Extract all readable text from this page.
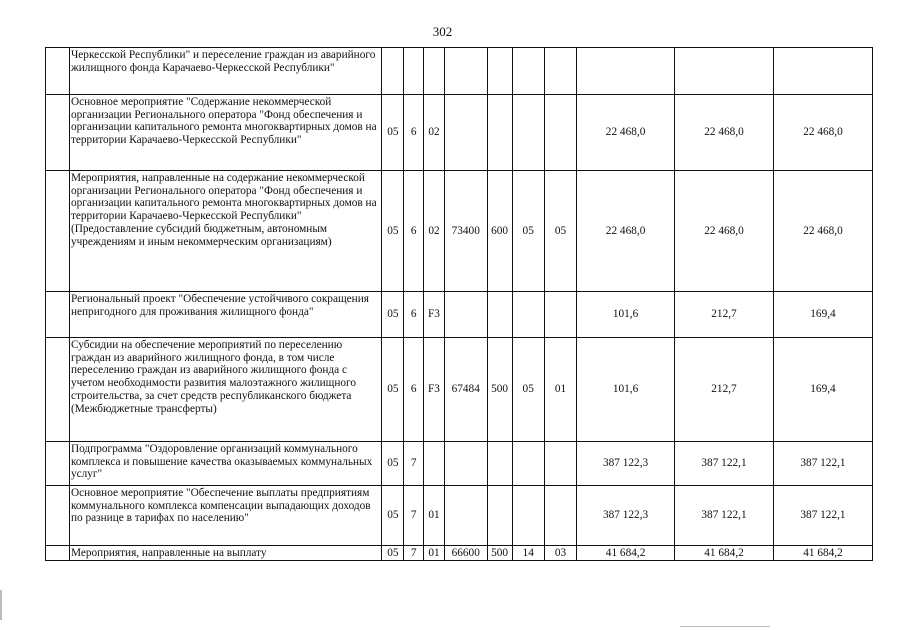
302
	Черкесской Республики" и переселение граждан из аварийного жилищного фонда Карачаево-Черкесской Республики"										
	Основное мероприятие "Содержание некоммерческой организации Регионального оператора "Фонд обеспечения и организации капитального ремонта многоквартирных домов на территории Карачаево-Черкесской Республики"	05	6	02					22 468,0	22 468,0	22 468,0
	Мероприятия, направленные на содержание некоммерческой организации Регионального оператора "Фонд обеспечения и организации капитального ремонта многоквартирных домов на территории Карачаево-Черкесской Республики" (Предоставление субсидий бюджетным, автономным учреждениям и иным некоммерческим организациям)	05	6	02	73400	600	05	05	22 468,0	22 468,0	22 468,0
	Региональный проект "Обеспечение устойчивого сокращения непригодного для проживания жилищного фонда"	05	6	F3					101,6	212,7	169,4
	Субсидии на обеспечение мероприятий по переселению граждан из аварийного жилищного фонда, в том числе переселению граждан из аварийного жилищного фонда с учетом необходимости развития малоэтажного жилищного строительства, за счет средств республиканского бюджета (Межбюджетные трансферты)	05	6	F3	67484	500	05	01	101,6	212,7	169,4
	Подпрограмма "Оздоровление организаций коммунального комплекса и повышение качества оказываемых коммунальных услуг"	05	7						387 122,3	387 122,1	387 122,1
	Основное мероприятие "Обеспечение выплаты предприятиям коммунального комплекса компенсации выпадающих доходов по разнице в тарифах по населению"	05	7	01					387 122,3	387 122,1	387 122,1
	Мероприятия, направленные на выплату	05	7	01	66600	500	14	03	41 684,2	41 684,2	41 684,2
